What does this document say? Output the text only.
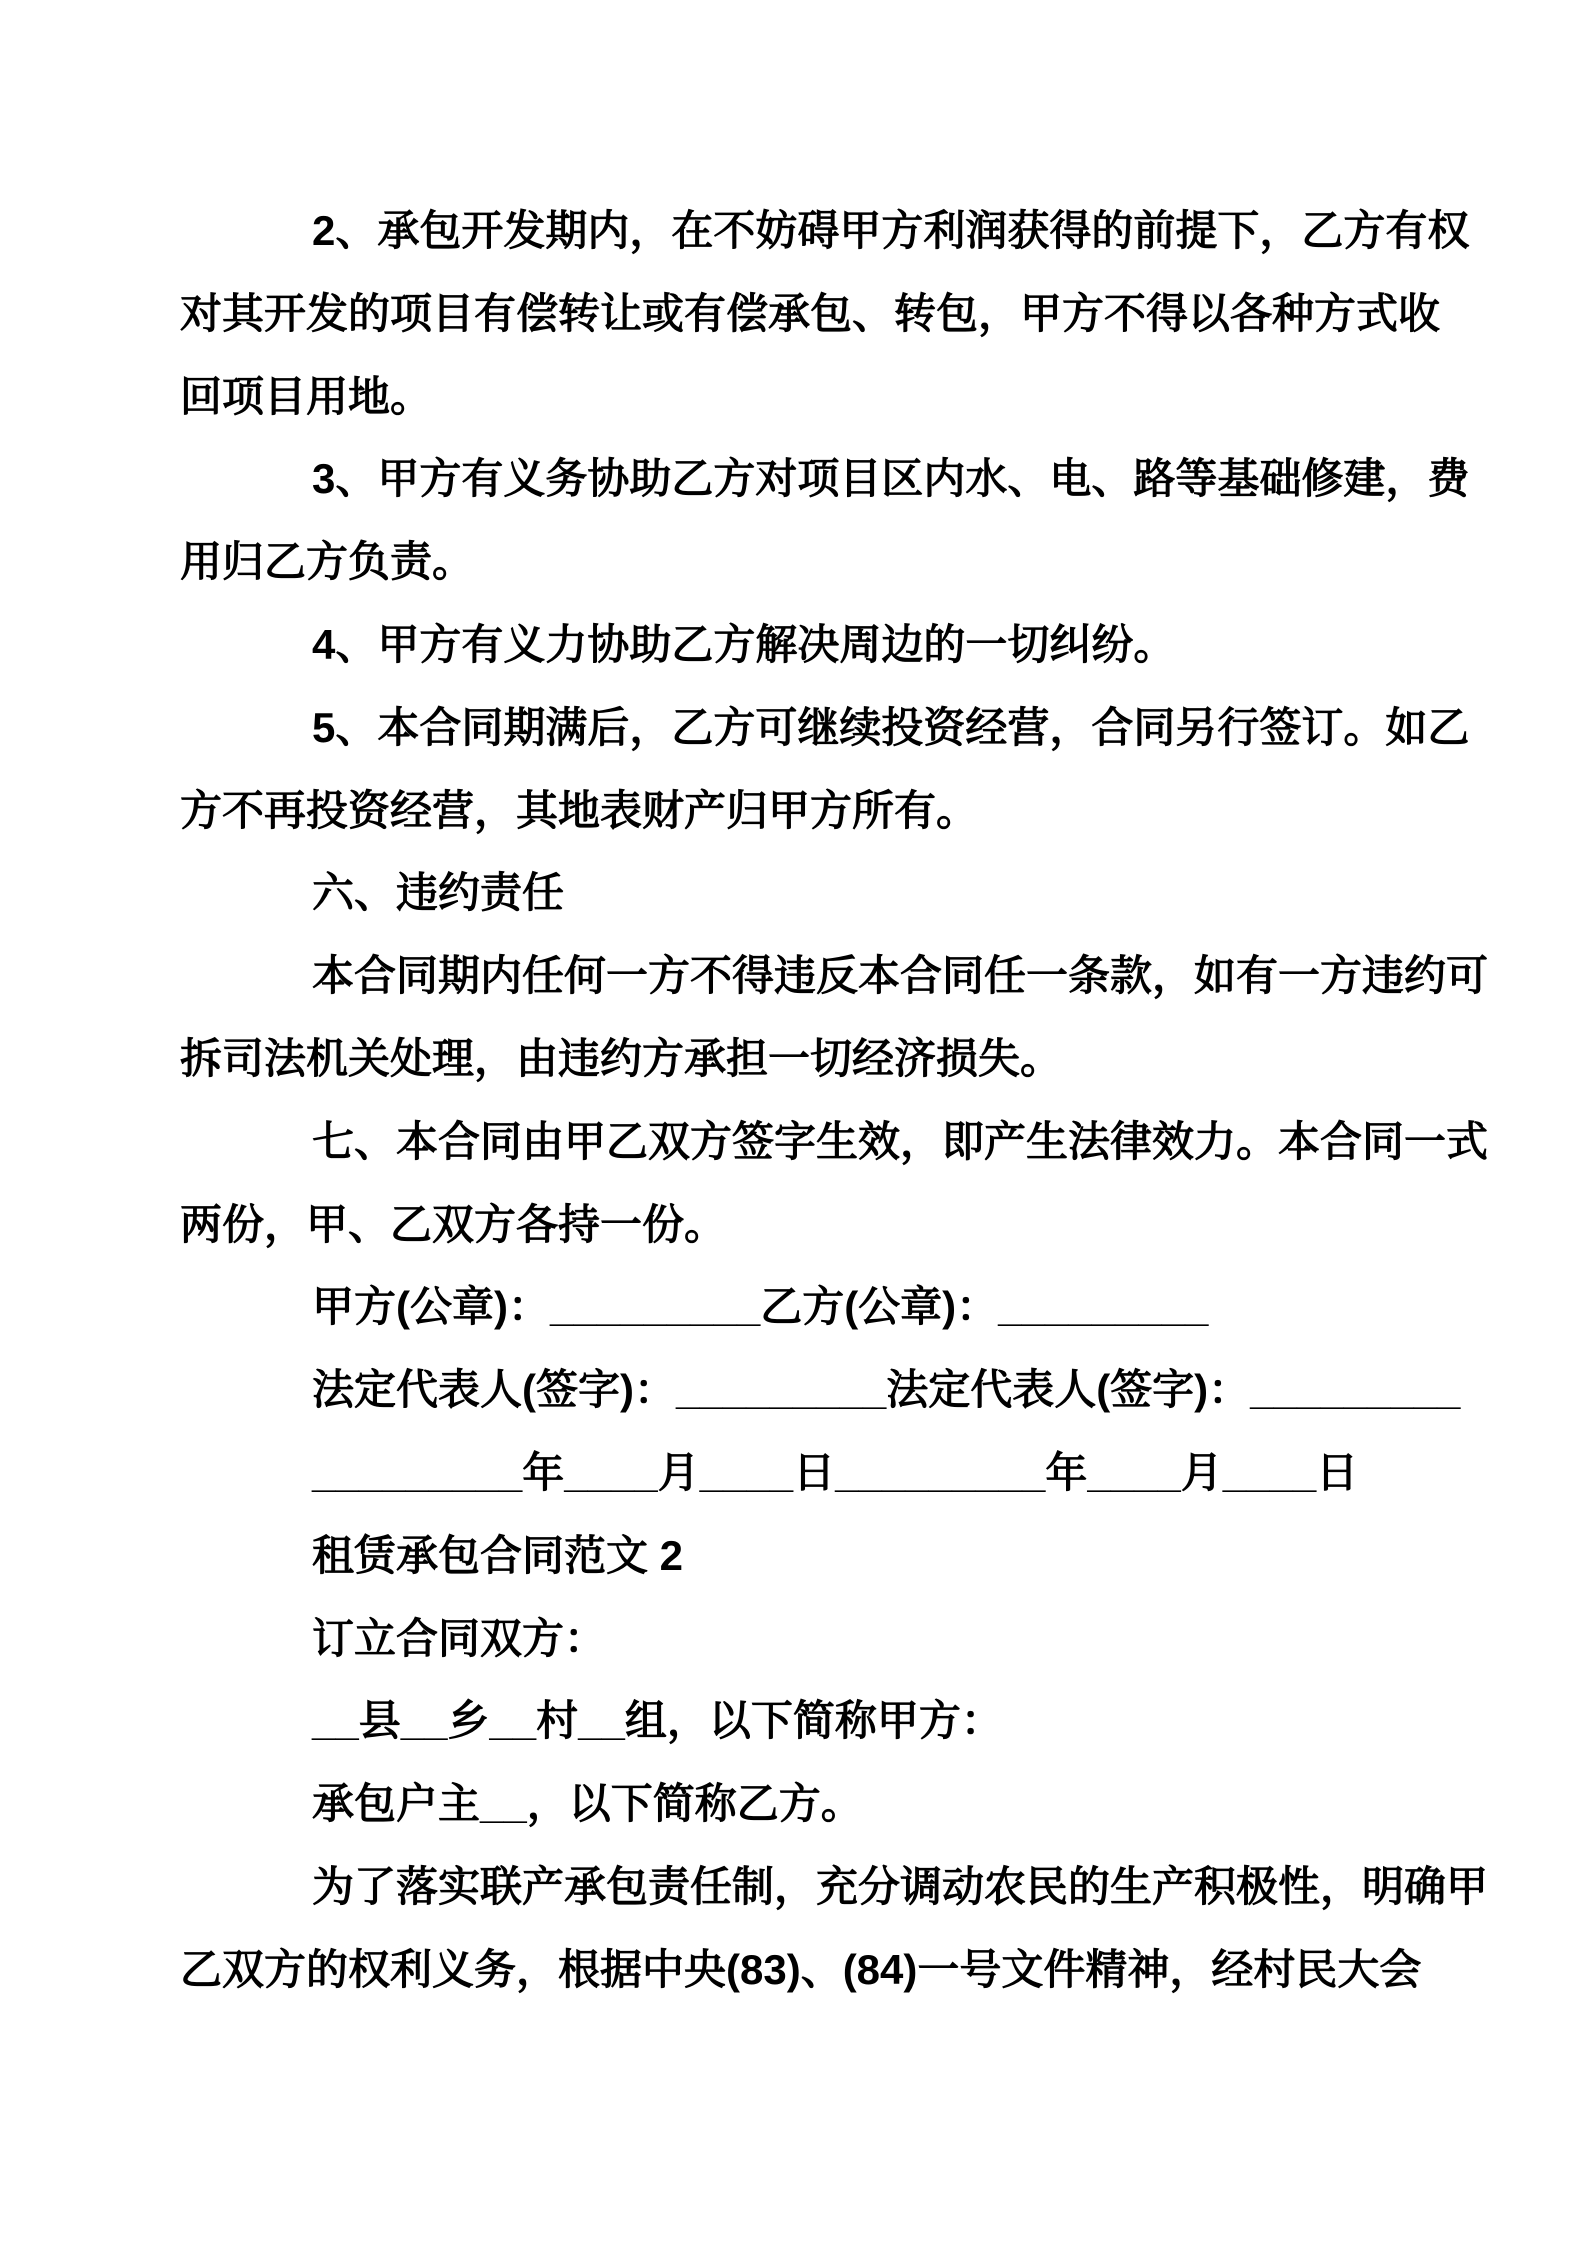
2、承包开发期内，在不妨碍甲方利润获得的前提下，乙方有权
对其开发的项目有偿转让或有偿承包、转包，甲方不得以各种方式收
回项目用地。
3、甲方有义务协助乙方对项目区内水、电、路等基础修建，费
用归乙方负责。
4、甲方有义力协助乙方解决周边的一切纠纷。
5、本合同期满后，乙方可继续投资经营，合同另行签订。如乙
方不再投资经营，其地表财产归甲方所有。
六、违约责任
本合同期内任何一方不得违反本合同任一条款，如有一方违约可
拆司法机关处理，由违约方承担一切经济损失。
七、本合同由甲乙双方签字生效，即产生法律效力。本合同一式
两份，甲、乙双方各持一份。
甲方(公章)：_________乙方(公章)：_________
法定代表人(签字)：_________法定代表人(签字)：_________
_________年____月____日_________年____月____日
租赁承包合同范文 2
订立合同双方：
__县__乡__村__组，以下简称甲方：
承包户主__，以下简称乙方。
为了落实联产承包责任制，充分调动农民的生产积极性，明确甲
乙双方的权利义务，根据中央(83)、(84)一号文件精神，经村民大会
